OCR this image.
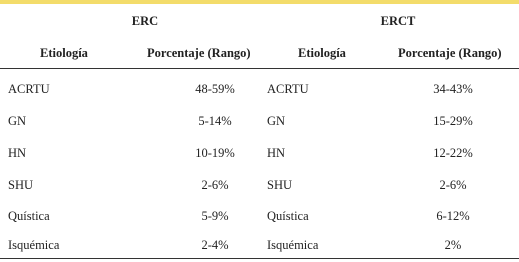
ERC	ERCT
Etiología	Porcentaje (Rango)	Etiología	Porcentaje (Rango)
ACRTU	48-59%	ACRTU	34-43%
GN	5-14%	GN	15-29%
HN	10-19%	HN	12-22%
SHU	2-6%	SHU	2-6%
Quística	5-9%	Quística	6-12%
Isquémica	2-4%	Isquémica	2%
